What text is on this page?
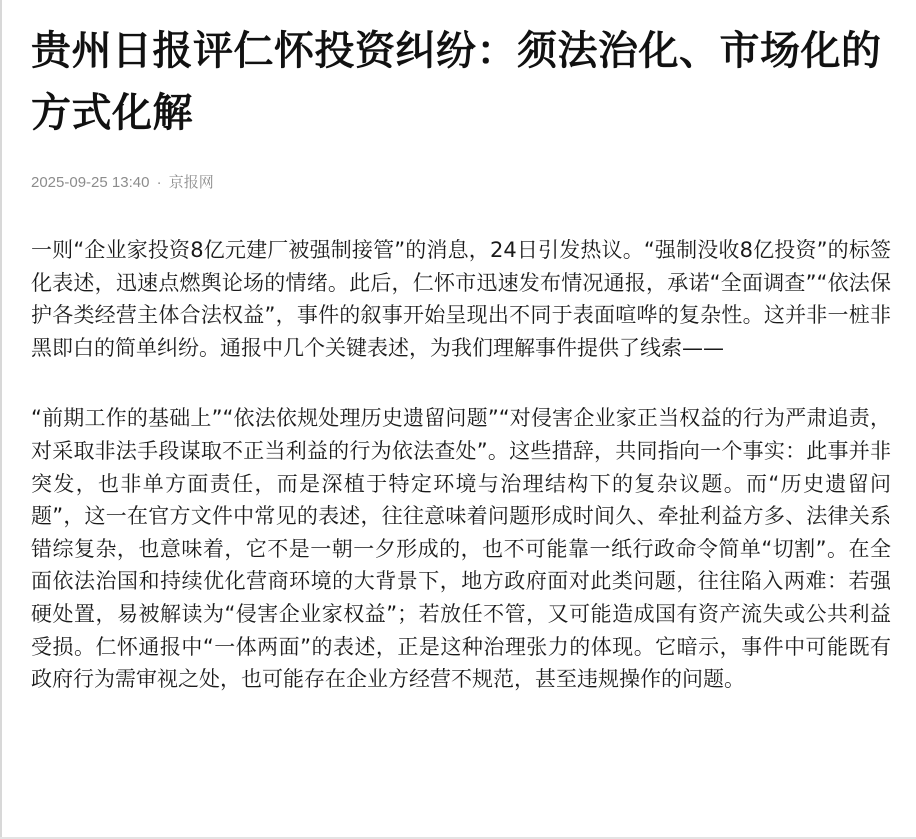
贵州日报评仁怀投资纠纷：须法治化、市场化的方式化解
2025-09-25 13:40 · 京报网

一则“企业家投资8亿元建厂被强制接管”的消息，24日引发热议。“强制没收8亿投资”的标签化表述，迅速点燃舆论场的情绪。此后，仁怀市迅速发布情况通报，承诺“全面调查”“依法保护各类经营主体合法权益”，事件的叙事开始呈现出不同于表面喧哗的复杂性。这并非一桩非黑即白的简单纠纷。通报中几个关键表述，为我们理解事件提供了线索——

“前期工作的基础上”“依法依规处理历史遗留问题”“对侵害企业家正当权益的行为严肃追责，对采取非法手段谋取不正当利益的行为依法查处”。这些措辞，共同指向一个事实：此事并非突发，也非单方面责任，而是深植于特定环境与治理结构下的复杂议题。而“历史遗留问题”，这一在官方文件中常见的表述，往往意味着问题形成时间久、牵扯利益方多、法律关系错综复杂，也意味着，它不是一朝一夕形成的，也不可能靠一纸行政命令简单“切割”。在全面依法治国和持续优化营商环境的大背景下，地方政府面对此类问题，往往陷入两难：若强硬处置，易被解读为“侵害企业家权益”；若放任不管，又可能造成国有资产流失或公共利益受损。仁怀通报中“一体两面”的表述，正是这种治理张力的体现。它暗示，事件中可能既有政府行为需审视之处，也可能存在企业方经营不规范，甚至违规操作的问题。
